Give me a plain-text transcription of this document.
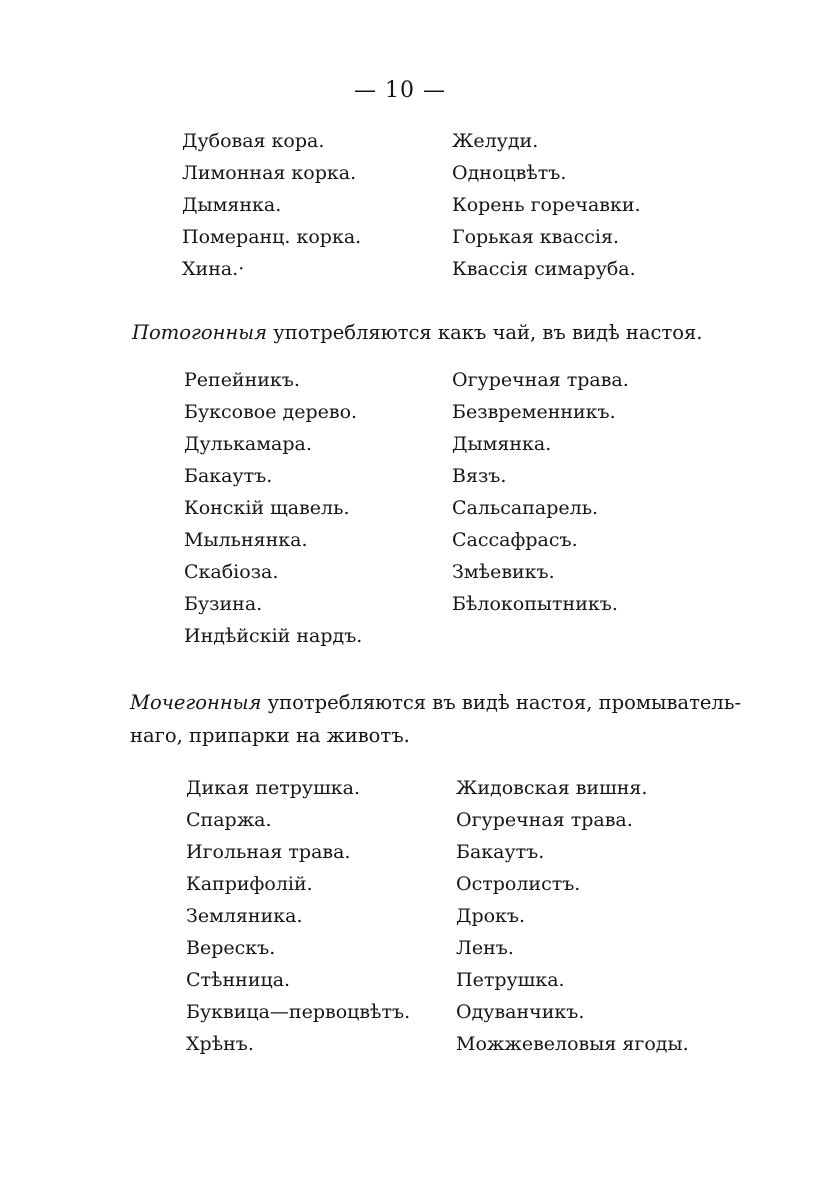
— 10 —
Дубовая кора.
Лимонная корка.
Дымянка.
Померанц. корка.
Хина.·
Желуди.
Одноцвѣтъ.
Корень горечавки.
Горькая квассія.
Квассія симаруба.
Потогонныя употребляются какъ чай, въ видѣ настоя.
Репейникъ.
Буксовое дерево.
Дулькамара.
Бакаутъ.
Конскій щавель.
Мыльнянка.
Скабіоза.
Бузина.
Индѣйскій нардъ.
Огуречная трава.
Безвременникъ.
Дымянка.
Вязъ.
Сальсапарель.
Сассафрасъ.
Змѣевикъ.
Бѣлокопытникъ.
Мочегонныя употребляются въ видѣ настоя, промыватель-
наго, припарки на животъ.
Дикая петрушка.
Спаржа.
Игольная трава.
Каприфолій.
Земляника.
Верескъ.
Стѣнница.
Буквица—первоцвѣтъ.
Хрѣнъ.
Жидовская вишня.
Огуречная трава.
Бакаутъ.
Остролистъ.
Дрокъ.
Ленъ.
Петрушка.
Одуванчикъ.
Можжевеловыя ягоды.
